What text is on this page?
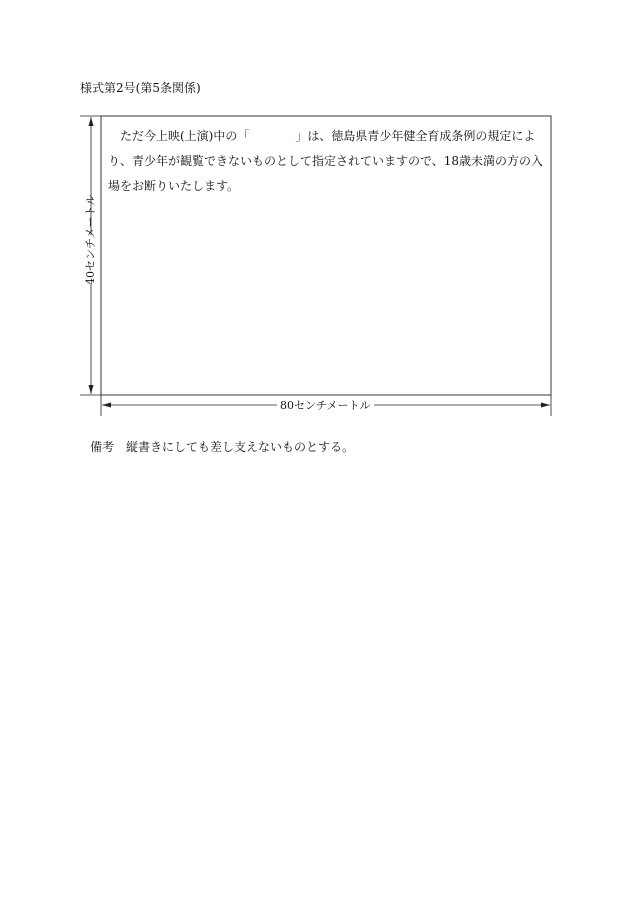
様式第2号(第5条関係)
ただ今上映(上演)中の「	」は、徳島県青少年健全育成条例の規定により、青少年が観覧できないものとして指定されていますので、18歳未満の方の入場をお断りいたします。
80センチメートル
40センチメートル
備考 縦書きにしても差し支えないものとする。
